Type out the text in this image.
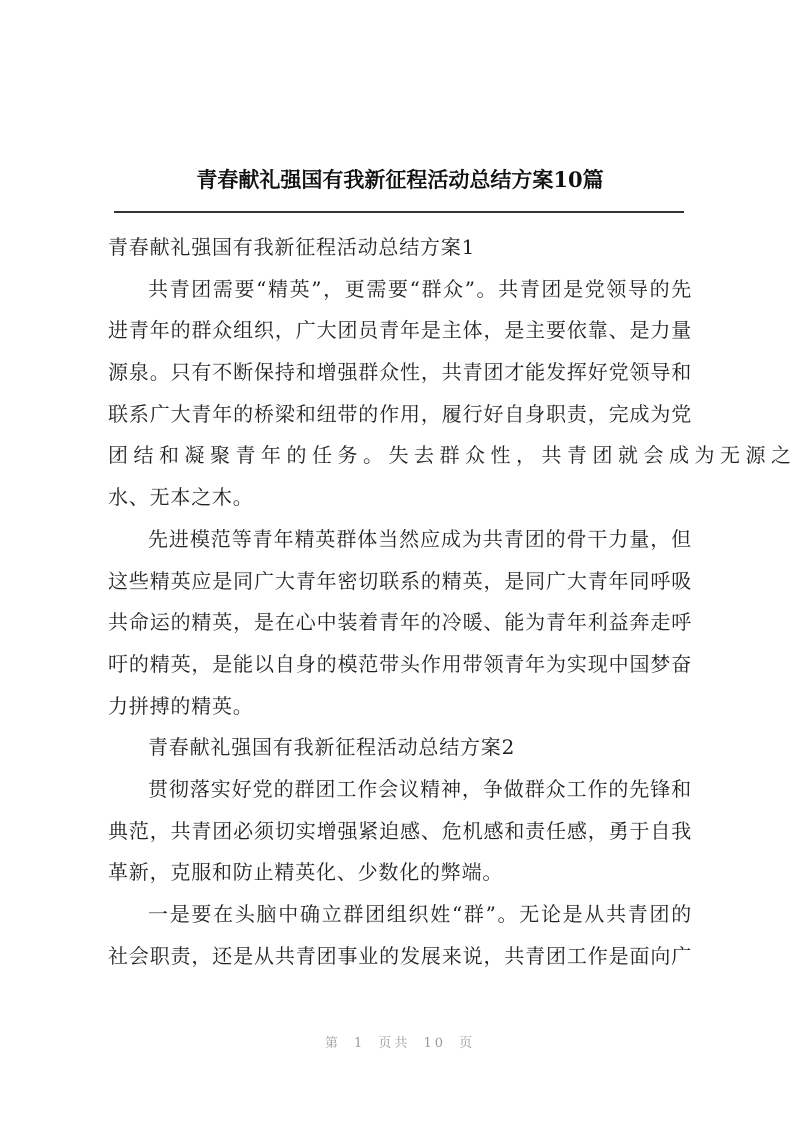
青春献礼强国有我新征程活动总结方案10篇
青春献礼强国有我新征程活动总结方案1
共青团需要“精英”，更需要“群众”。共青团是党领导的先
进青年的群众组织，广大团员青年是主体，是主要依靠、是力量
源泉。只有不断保持和增强群众性，共青团才能发挥好党领导和
联系广大青年的桥梁和纽带的作用，履行好自身职责，完成为党
团结和凝聚青年的任务。失去群众性，共青团就会成为无源之
水、无本之木。
先进模范等青年精英群体当然应成为共青团的骨干力量，但
这些精英应是同广大青年密切联系的精英，是同广大青年同呼吸
共命运的精英，是在心中装着青年的冷暖、能为青年利益奔走呼
吁的精英，是能以自身的模范带头作用带领青年为实现中国梦奋
力拼搏的精英。
青春献礼强国有我新征程活动总结方案2
贯彻落实好党的群团工作会议精神，争做群众工作的先锋和
典范，共青团必须切实增强紧迫感、危机感和责任感，勇于自我
革新，克服和防止精英化、少数化的弊端。
一是要在头脑中确立群团组织姓“群”。无论是从共青团的
社会职责，还是从共青团事业的发展来说，共青团工作是面向广
第 1 页共 10 页
